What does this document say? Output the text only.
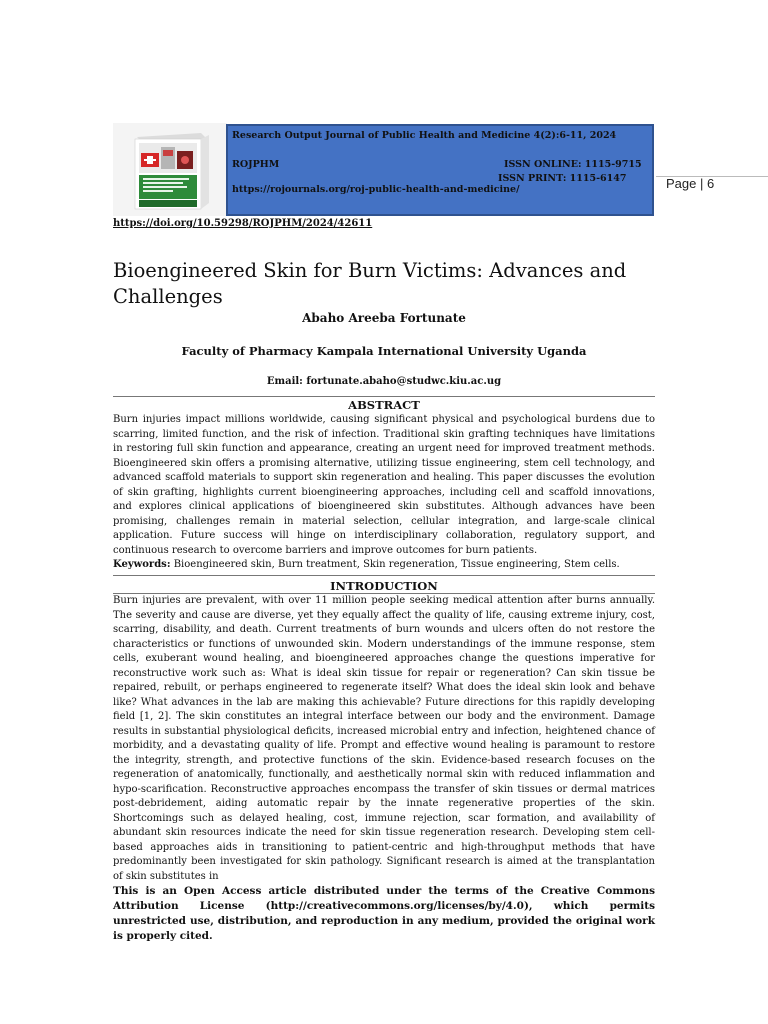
Research Output Journal of Public Health and Medicine 4(2):6-11, 2024
ROJPHM	ISSN ONLINE: 1115-9715
ISSN PRINT: 1115-6147
https://rojournals.org/roj-public-health-and-medicine/	Page | 6
https://doi.org/10.59298/ROJPHM/2024/42611
Bioengineered Skin for Burn Victims: Advances and Challenges
Abaho Areeba Fortunate
Faculty of Pharmacy Kampala International University Uganda
Email: fortunate.abaho@studwc.kiu.ac.ug
ABSTRACT

Burn injuries impact millions worldwide, causing significant physical and psychological burdens due to scarring, limited function, and the risk of infection. Traditional skin grafting techniques have limitations in restoring full skin function and appearance, creating an urgent need for improved treatment methods. Bioengineered skin offers a promising alternative, utilizing tissue engineering, stem cell technology, and advanced scaffold materials to support skin regeneration and healing. This paper discusses the evolution of skin grafting, highlights current bioengineering approaches, including cell and scaffold innovations, and explores clinical applications of bioengineered skin substitutes. Although advances have been promising, challenges remain in material selection, cellular integration, and large-scale clinical application. Future success will hinge on interdisciplinary collaboration, regulatory support, and continuous research to overcome barriers and improve outcomes for burn patients.

Keywords: Bioengineered skin, Burn treatment, Skin regeneration, Tissue engineering, Stem cells.
INTRODUCTION

Burn injuries are prevalent, with over 11 million people seeking medical attention after burns annually. The severity and cause are diverse, yet they equally affect the quality of life, causing extreme injury, cost, scarring, disability, and death. Current treatments of burn wounds and ulcers often do not restore the characteristics or functions of unwounded skin. Modern understandings of the immune response, stem cells, exuberant wound healing, and bioengineered approaches change the questions imperative for reconstructive work such as: What is ideal skin tissue for repair or regeneration? Can skin tissue be repaired, rebuilt, or perhaps engineered to regenerate itself? What does the ideal skin look and behave like? What advances in the lab are making this achievable? Future directions for this rapidly developing field [1, 2]. The skin constitutes an integral interface between our body and the environment. Damage results in substantial physiological deficits, increased microbial entry and infection, heightened chance of morbidity, and a devastating quality of life. Prompt and effective wound healing is paramount to restore the integrity, strength, and protective functions of the skin. Evidence-based research focuses on the regeneration of anatomically, functionally, and aesthetically normal skin with reduced inflammation and hypo-scarification. Reconstructive approaches encompass the transfer of skin tissues or dermal matrices post-debridement, aiding automatic repair by the innate regenerative properties of the skin. Shortcomings such as delayed healing, cost, immune rejection, scar formation, and availability of abundant skin resources indicate the need for skin tissue regeneration research. Developing stem cell-based approaches aids in transitioning to patient-centric and high-throughput methods that have predominantly been investigated for skin pathology. Significant research is aimed at the transplantation of skin substitutes in

This is an Open Access article distributed under the terms of the Creative Commons Attribution License (http://creativecommons.org/licenses/by/4.0), which permits unrestricted use, distribution, and reproduction in any medium, provided the original work is properly cited.
